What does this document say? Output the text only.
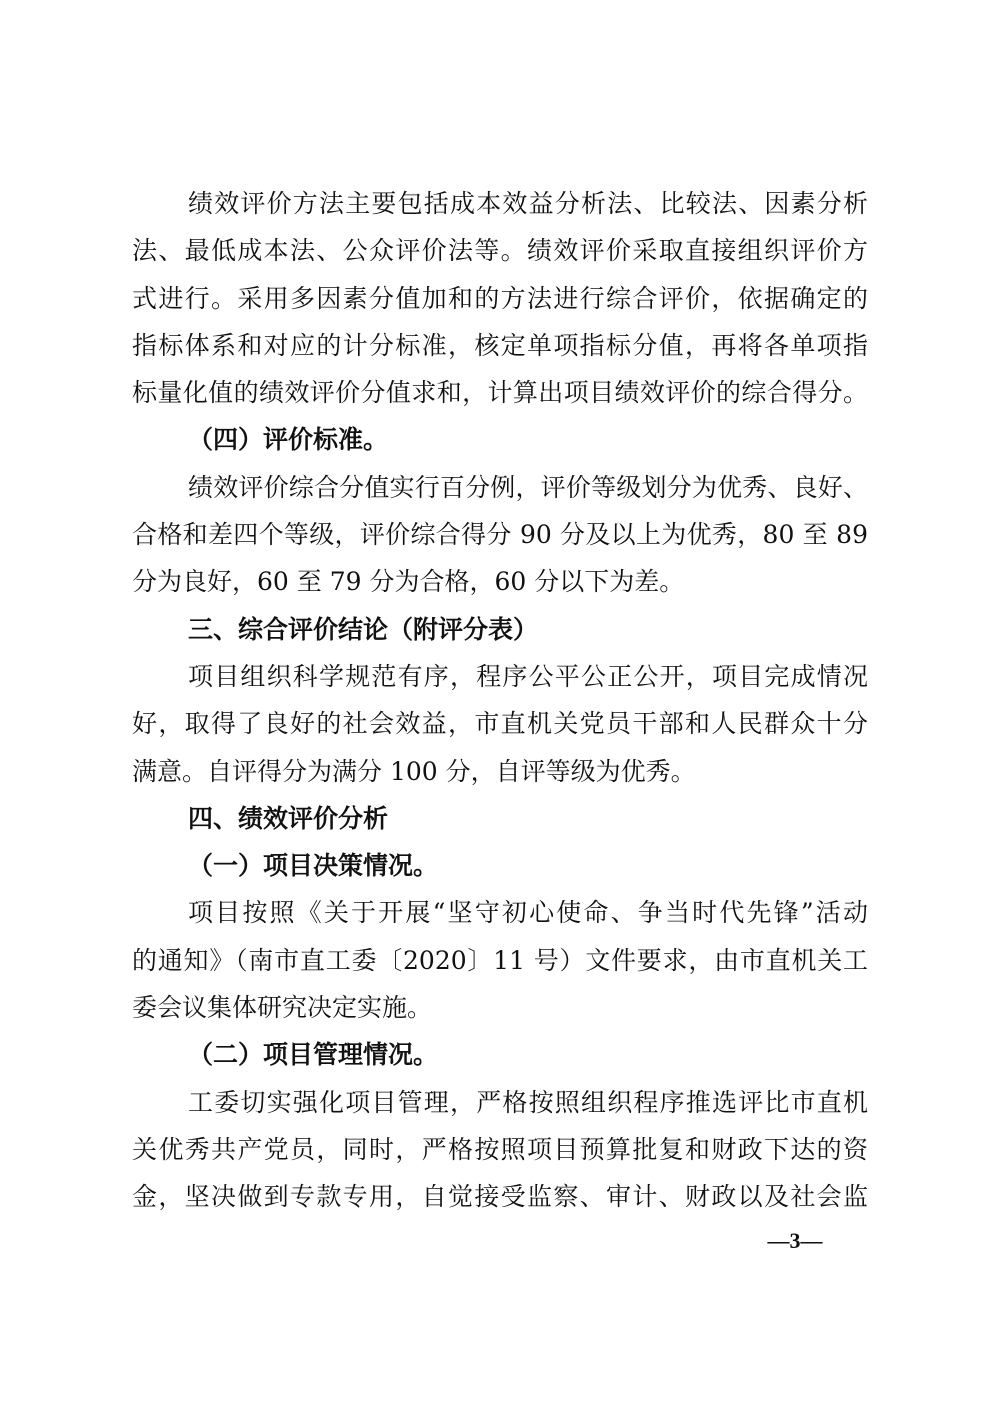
绩效评价方法主要包括成本效益分析法、比较法、因素分析
法、最低成本法、公众评价法等。绩效评价采取直接组织评价方
式进行。采用多因素分值加和的方法进行综合评价，依据确定的
指标体系和对应的计分标准，核定单项指标分值，再将各单项指
标量化值的绩效评价分值求和，计算出项目绩效评价的综合得分。
（四）评价标准。
绩效评价综合分值实行百分例，评价等级划分为优秀、良好、
合格和差四个等级，评价综合得分 90 分及以上为优秀，80 至 89
分为良好，60 至 79 分为合格，60 分以下为差。
三、综合评价结论（附评分表）
项目组织科学规范有序，程序公平公正公开，项目完成情况
好，取得了良好的社会效益，市直机关党员干部和人民群众十分
满意。自评得分为满分 100 分，自评等级为优秀。
四、绩效评价分析
（一）项目决策情况。
项目按照《关于开展“坚守初心使命、争当时代先锋”活动
的通知》（南市直工委〔2020〕11 号）文件要求，由市直机关工
委会议集体研究决定实施。
（二）项目管理情况。
工委切实强化项目管理，严格按照组织程序推选评比市直机
关优秀共产党员，同时，严格按照项目预算批复和财政下达的资
金，坚决做到专款专用，自觉接受监察、审计、财政以及社会监
—3—
